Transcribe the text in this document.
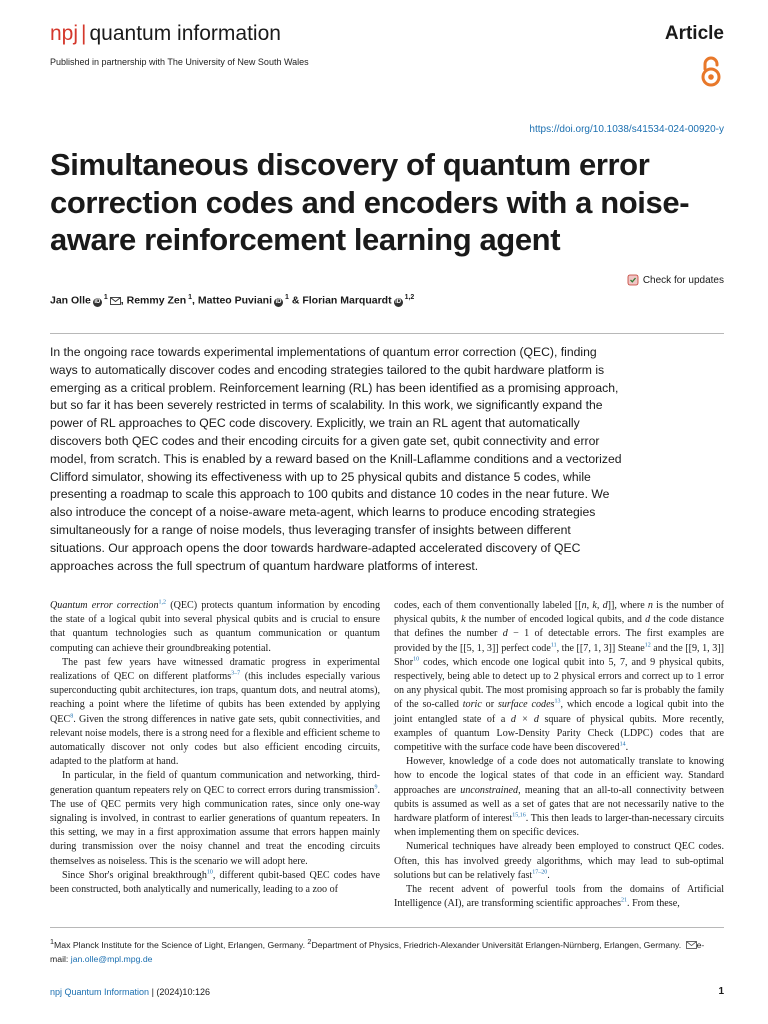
npj | quantum information	Article
Published in partnership with The University of New South Wales
https://doi.org/10.1038/s41534-024-00920-y
Simultaneous discovery of quantum error correction codes and encoders with a noise-aware reinforcement learning agent
Check for updates
Jan Olle $iD^1$ , Remmy Zen $^1$, Matteo Puviani $iD^1$ & Florian Marquardt iD$^{1,2}$

In the ongoing race towards experimental implementations of quantum error correction (QEC), finding ways to automatically discover codes and encoding strategies tailored to the qubit hardware platform is emerging as a critical problem. Reinforcement learning (RL) has been identified as a promising approach, but so far it has been severely restricted in terms of scalability. In this work, we significantly expand the power of RL approaches to QEC code discovery. Explicitly, we train an RL agent that automatically discovers both QEC codes and their encoding circuits for a given gate set, qubit connectivity and error model, from scratch. This is enabled by a reward based on the Knill-Laflamme conditions and a vectorized Clifford simulator, showing its effectiveness with up to 25 physical qubits and distance 5 codes, while presenting a roadmap to scale this approach to 100 qubits and distance 10 codes in the near future. We also introduce the concept of a noise-aware meta-agent, which learns to produce encoding strategies simultaneously for a range of noise models, thus leveraging transfer of insights between different situations. Our approach opens the door towards hardware-adapted accelerated discovery of QEC approaches across the full spectrum of quantum hardware platforms of interest.

Quantum error correction$^{1,2}$ (QEC) protects quantum information by encoding the state of a logical qubit into several physical qubits and is crucial to ensure that quantum technologies such as quantum communication or quantum computing can achieve their groundbreaking potential.

The past few years have witnessed dramatic progress in experimental realizations of QEC on different platforms$^{3-7}$ (this includes especially various superconducting qubit architectures, ion traps, quantum dots, and neutral atoms), reaching a point where the lifetime of qubits has been extended by applying QEC$^8$. Given the strong differences in native gate sets, qubit connectivities, and relevant noise models, there is a strong need for a flexible and efficient scheme to automatically discover not only codes but also efficient encoding circuits, adapted to the platform at hand.

In particular, in the field of quantum communication and networking, third-generation quantum repeaters rely on QEC to correct errors during transmission$^9$. The use of QEC permits very high communication rates, since only one-way signaling is involved, in contrast to earlier generations of quantum repeaters. In this setting, we may in a first approximation assume that errors happen mainly during transmission over the noisy channel and treat the encoding circuits themselves as noiseless. This is the scenario we will adopt here.

Since Shor's original breakthrough$^{10}$, different qubit-based QEC codes have been constructed, both analytically and numerically, leading to a zoo of

codes, each of them conventionally labeled [[n, k, d]], where n is the number of physical qubits, k the number of encoded logical qubits, and d the code distance that defines the number d − 1 of detectable errors. The first examples are provided by the [[5, 1, 3]] perfect code$^{11}$, the [[7, 1, 3]] Steane$^{12}$ and the [[9, 1, 3]] Shor$^{10}$ codes, which encode one logical qubit into 5, 7, and 9 physical qubits, respectively, being able to detect up to 2 physical errors and correct up to 1 error on any physical qubit. The most promising approach so far is probably the family of the so-called toric or surface codes$^{13}$, which encode a logical qubit into the joint entangled state of a d × d square of physical qubits. More recently, examples of quantum Low-Density Parity Check (LDPC) codes that are competitive with the surface code have been discovered$^{14}$.

However, knowledge of a code does not automatically translate to knowing how to encode the logical states of that code in an efficient way. Standard approaches are unconstrained, meaning that an all-to-all connectivity between qubits is assumed as well as a set of gates that are not necessarily native to the hardware platform of interest$^{15,16}$. This then leads to larger-than-necessary circuits when implementing them on specific devices.

Numerical techniques have already been employed to construct QEC codes. Often, this has involved greedy algorithms, which may lead to sub-optimal solutions but can be relatively fast$^{17-20}$.

The recent advent of powerful tools from the domains of Artificial Intelligence (AI), are transforming scientific approaches$^{21}$. From these,

$^1$Max Planck Institute for the Science of Light, Erlangen, Germany. $^2$Department of Physics, Friedrich-Alexander Universität Erlangen-Nürnberg, Erlangen, Germany. e-mail: jan.olle@mpl.mpg.de

npj Quantum Information | (2024)10:126	1
